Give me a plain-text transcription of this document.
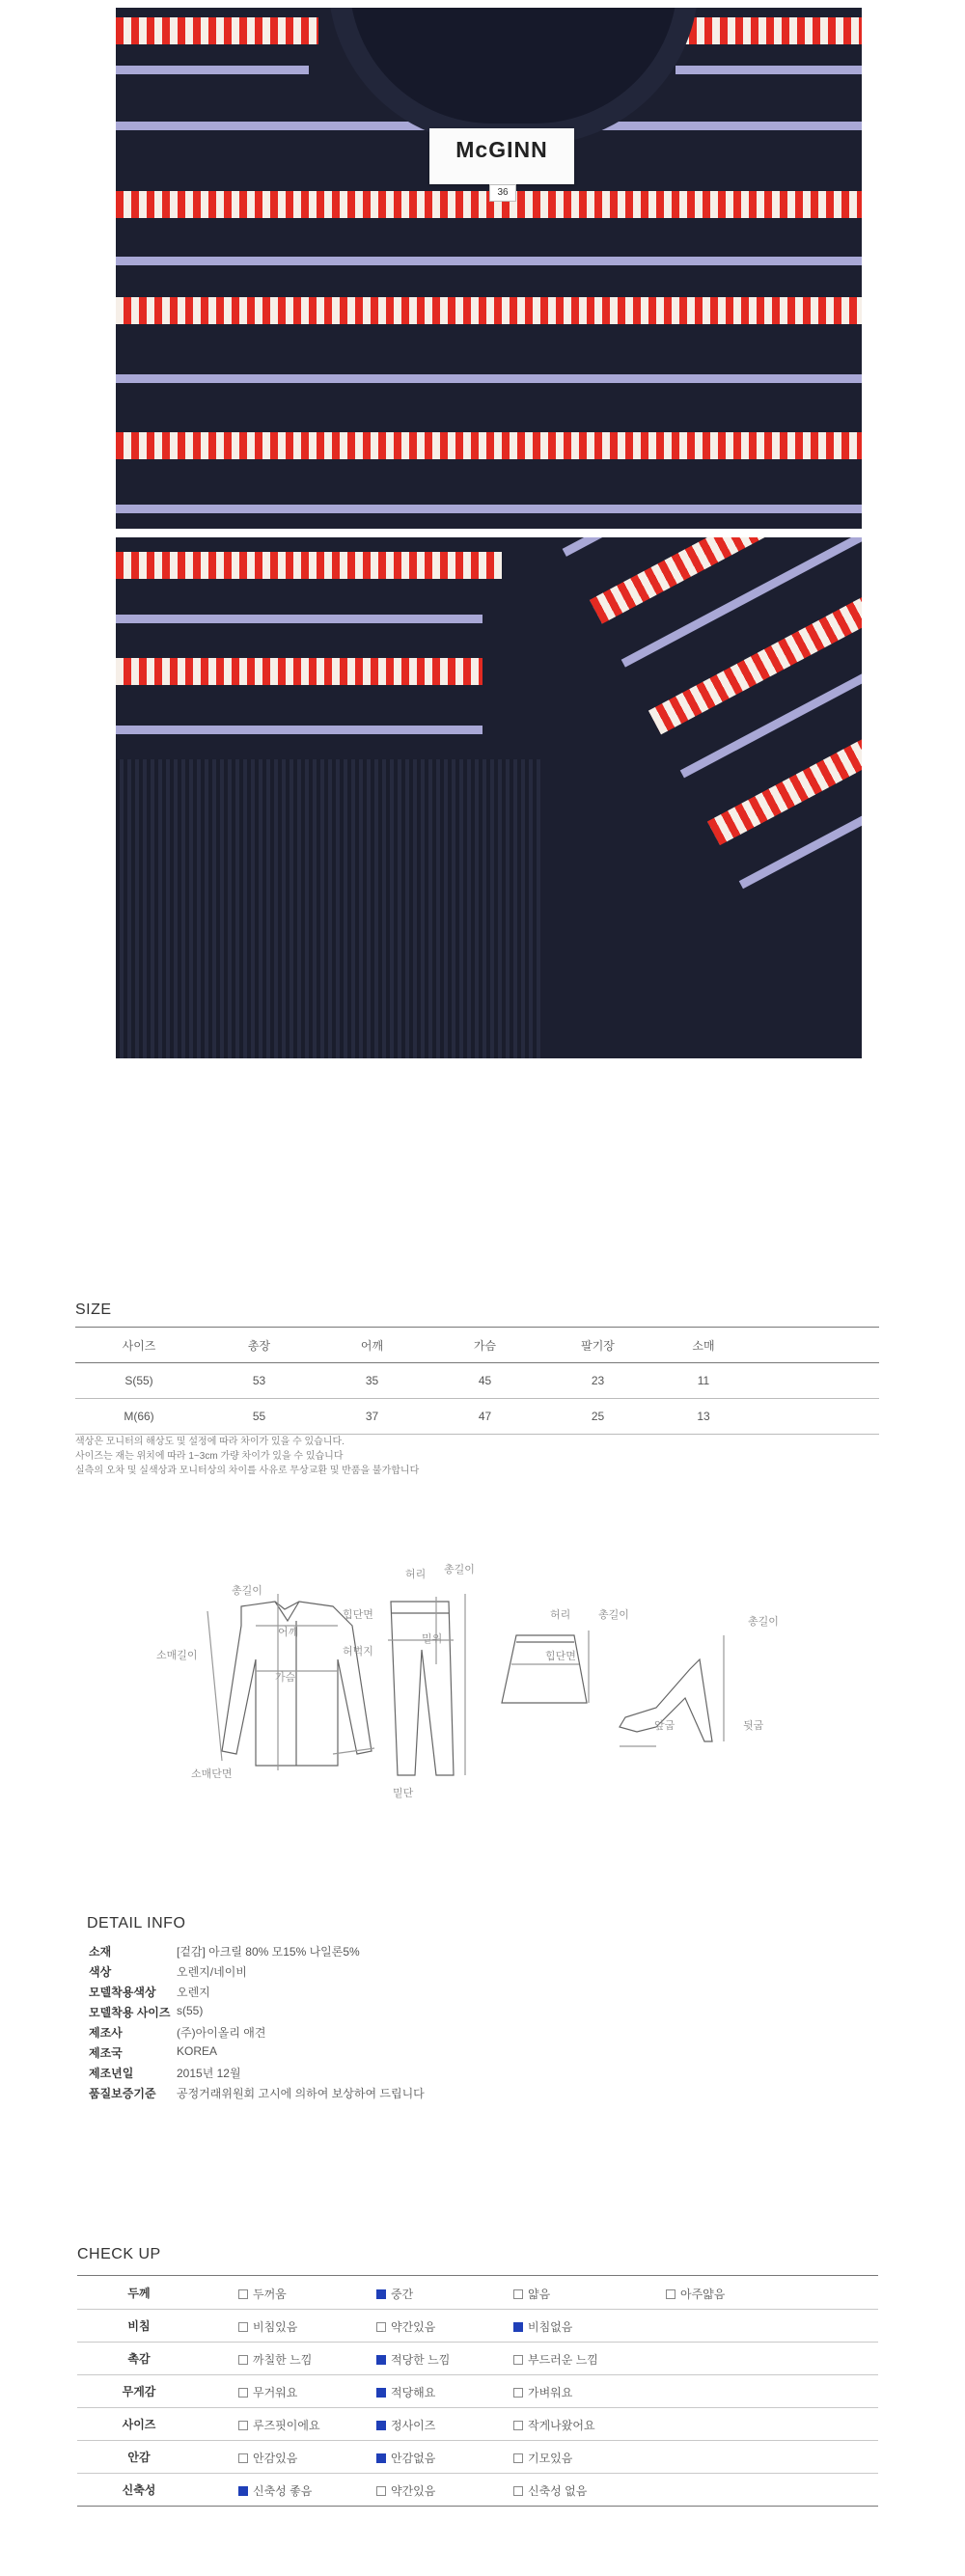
McGINN
36
SIZE
사이즈	총장	어깨	가슴	팔기장	소매	
S(55)	53	35	45	23	11	
M(66)	55	37	47	25	13	
색상은 모니터의 해상도 및 설정에 따라 차이가 있을 수 있습니다.
사이즈는 재는 위치에 따라 1~3cm 가량 차이가 있을 수 있습니다
실측의 오차 및 실색상과 모니터상의 차이를 사유로 무상교환 및 반품을 불가합니다
총길이
어깨
소매길이
가슴
소매단면
허리 총길이
힙단면
허벅지
밑위
밑단
허리	총길이
힙단면
총길이
앞굽	뒷굽
DETAIL INFO
소재	[겉감] 아크릴 80% 모15% 나일론5%
색상	오렌지/네이비
모델착용색상 오렌지
모델착용 사이즈 s(55)
제조사	(주)아이올리 애견
제조국	KOREA
제조년일	2015년 12월
품질보증기준 공정거래위원회 고시에 의하여 보상하여 드립니다
CHECK UP
두께	두꺼움	중간	얇음	아주얇음
비침	비침있음	약간있음	비침없음
촉감	까칠한 느낌	적당한 느낌	부드러운 느낌
무게감	무거워요	적당해요	가벼워요
사이즈	루즈핏이에요	정사이즈	작게나왔어요
안감	안감있음	안감없음	기모있음
신축성	신축성 좋음	약간있음	신축성 없음
